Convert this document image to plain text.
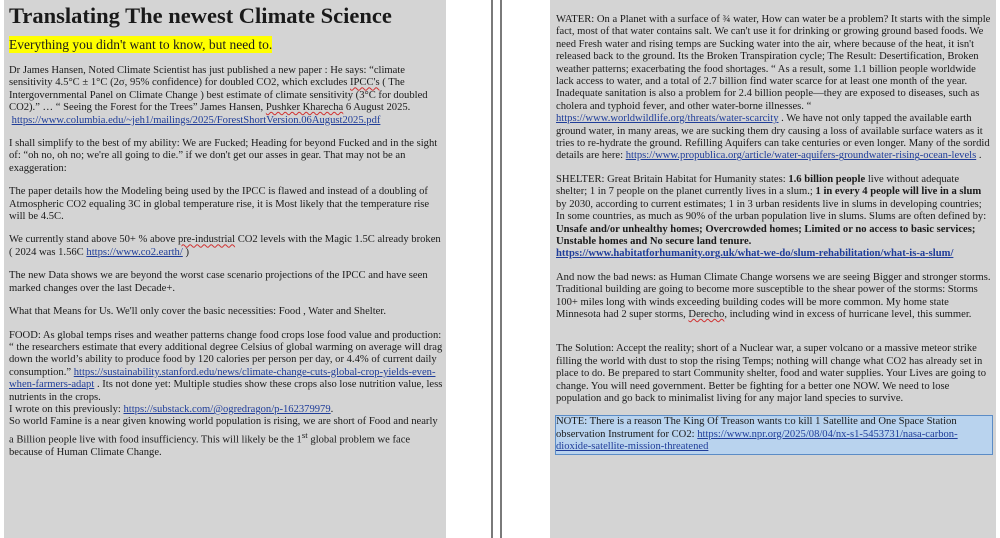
Translating The newest Climate Science
Everything you didn't want to know, but need to.

Dr James Hansen, Noted Climate Scientist has just published a new paper : He says: “climate sensitivity 4.5°C ± 1°C (2σ, 95% confidence) for doubled CO2, which excludes IPCC's ( The Intergovernmental Panel on Climate Change ) best estimate of climate sensitivity (3°C for doubled CO2).” … “ Seeing the Forest for the Trees” James Hansen, Pushker Kharecha 6 August 2025.
https://www.columbia.edu/~jeh1/mailings/2025/ForestShortVersion.06August2025.pdf

I shall simplify to the best of my ability: We are Fucked; Heading for beyond Fucked and in the sight of: “oh no, oh no; we're all going to die.” if we don't get our asses in gear. That may not be an exaggeration:

The paper details how the Modeling being used by the IPCC is flawed and instead of a doubling of Atmospheric CO2 equaling 3C in global temperature rise, it is Most likely that the temperature rise will be 4.5C.

We currently stand above 50+ % above pre-industrial CO2 levels with the Magic 1.5C already broken ( 2024 was 1.56C https://www.co2.earth/ )

The new Data shows we are beyond the worst case scenario projections of the IPCC and have seen marked changes over the last Decade+.

What that Means for Us. We'll only cover the basic necessities: Food , Water and Shelter.

FOOD: As global temps rises and weather patterns change food crops lose food value and production: “ the researchers estimate that every additional degree Celsius of global warming on average will drag down the world’s ability to produce food by 120 calories per person per day, or 4.4% of current daily consumption.” https://sustainability.stanford.edu/news/climate-change-cuts-global-crop-yields-even-when-farmers-adapt . Its not done yet: Multiple studies show these crops also lose nutrition value, less nutrients in the crops.
I wrote on this previously: https://substack.com/@ogredragon/p-162379979.
So world Famine is a near given knowing world population is rising, we are short of Food and nearly a Billion people live with food insufficiency. This will likely be the 1st global problem we face because of Human Climate Change.

WATER: On a Planet with a surface of ¾ water, How can water be a problem? It starts with the simple fact, most of that water contains salt. We can't use it for drinking or growing ground based foods. We need Fresh water and rising temps are Sucking water into the air, where because of the heat, it isn't released back to the ground. Its the Broken Transpiration cycle; The Result: Desertification, Broken weather patterns; exacerbating the food shortages. “ As a result, some 1.1 billion people worldwide lack access to water, and a total of 2.7 billion find water scarce for at least one month of the year. Inadequate sanitation is also a problem for 2.4 billion people—they are exposed to diseases, such as cholera and typhoid fever, and other water-borne illnesses. “ https://www.worldwildlife.org/threats/water-scarcity . We have not only tapped the available earth ground water, in many areas, we are sucking them dry causing a loss of available surface waters as it tries to re-hydrate the ground. Refilling Aquifers can take centuries or even longer. Many of the sordid details are here: https://www.propublica.org/article/water-aquifers-groundwater-rising-ocean-levels .

SHELTER: Great Britain Habitat for Humanity states: 1.6 billion people live without adequate shelter; 1 in 7 people on the planet currently lives in a slum.; 1 in every 4 people will live in a slum by 2030, according to current estimates; 1 in 3 urban residents live in slums in developing countries; In some countries, as much as 90% of the urban population live in slums. Slums are often defined by: Unsafe and/or unhealthy homes; Overcrowded homes; Limited or no access to basic services; Unstable homes and No secure land tenure.
https://www.habitatforhumanity.org.uk/what-we-do/slum-rehabilitation/what-is-a-slum/

And now the bad news: as Human Climate Change worsens we are seeing Bigger and stronger storms. Traditional building are going to become more susceptible to the shear power of the storms: Storms 100+ miles long with winds exceeding building codes will be more common. My home state Minnesota had 2 super storms, Derecho, including wind in excess of hurricane level, this summer.

The Solution: Accept the reality; short of a Nuclear war, a super volcano or a massive meteor strike filling the world with dust to stop the rising Temps; nothing will change what CO2 has already set in place to do. Be prepared to start Community shelter, food and water supplies. Your Lives are going to change. You will need government. Better be fighting for a better one NOW. We need to lose population and go back to minimalist living for any major land species to survive.

NOTE: There is a reason The King Of Treason wants t:o kill 1 Satellite and One Space Station observation Instrument for CO2: https://www.npr.org/2025/08/04/nx-s1-5453731/nasa-carbon-dioxide-satellite-mission-threatened
